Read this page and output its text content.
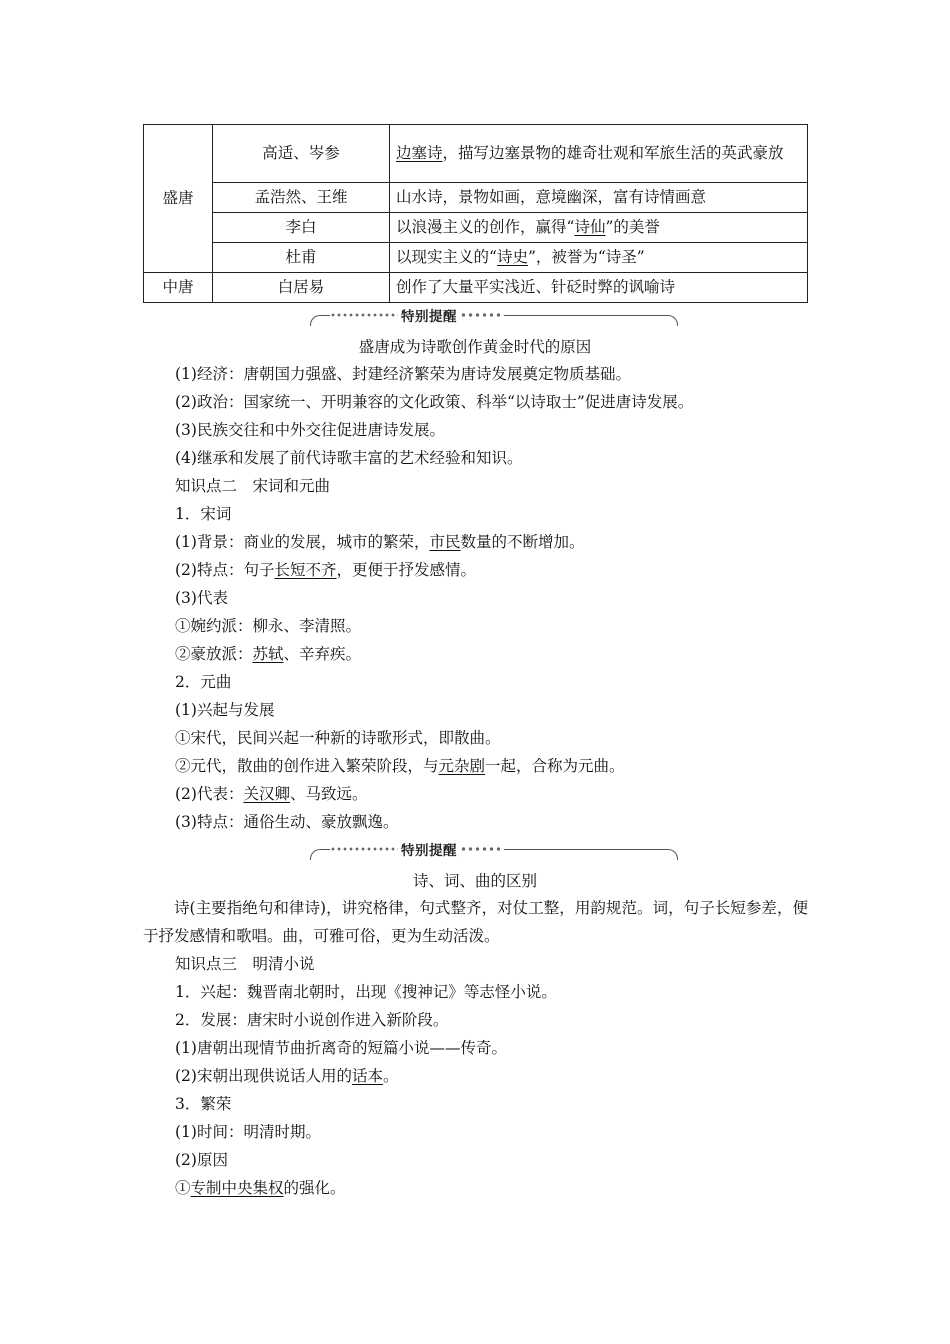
盛唐	高适、岑参	边塞诗，描写边塞景物的雄奇壮观和军旅生活的英武豪放
	孟浩然、王维	山水诗，景物如画，意境幽深，富有诗情画意
	李白	以浪漫主义的创作，赢得“诗仙”的美誉
	杜甫	以现实主义的“诗史”，被誉为“诗圣”
中唐	白居易	创作了大量平实浅近、针砭时弊的讽喻诗
特别提醒
盛唐成为诗歌创作黄金时代的原因
(1)经济：唐朝国力强盛、封建经济繁荣为唐诗发展奠定物质基础。
(2)政治：国家统一、开明兼容的文化政策、科举“以诗取士”促进唐诗发展。
(3)民族交往和中外交往促进唐诗发展。
(4)继承和发展了前代诗歌丰富的艺术经验和知识。
知识点二　宋词和元曲
1．宋词
(1)背景：商业的发展，城市的繁荣，市民数量的不断增加。
(2)特点：句子长短不齐，更便于抒发感情。
(3)代表
①婉约派：柳永、李清照。
②豪放派：苏轼、辛弃疾。
2．元曲
(1)兴起与发展
①宋代，民间兴起一种新的诗歌形式，即散曲。
②元代，散曲的创作进入繁荣阶段，与元杂剧一起，合称为元曲。
(2)代表：关汉卿、马致远。
(3)特点：通俗生动、豪放飘逸。
特别提醒
诗、词、曲的区别
诗(主要指绝句和律诗)，讲究格律，句式整齐，对仗工整，用韵规范。词，句子长短参差，便于抒发感情和歌唱。曲，可雅可俗，更为生动活泼。
知识点三　明清小说
1．兴起：魏晋南北朝时，出现《搜神记》等志怪小说。
2．发展：唐宋时小说创作进入新阶段。
(1)唐朝出现情节曲折离奇的短篇小说——传奇。
(2)宋朝出现供说话人用的话本。
3．繁荣
(1)时间：明清时期。
(2)原因
①专制中央集权的强化。
